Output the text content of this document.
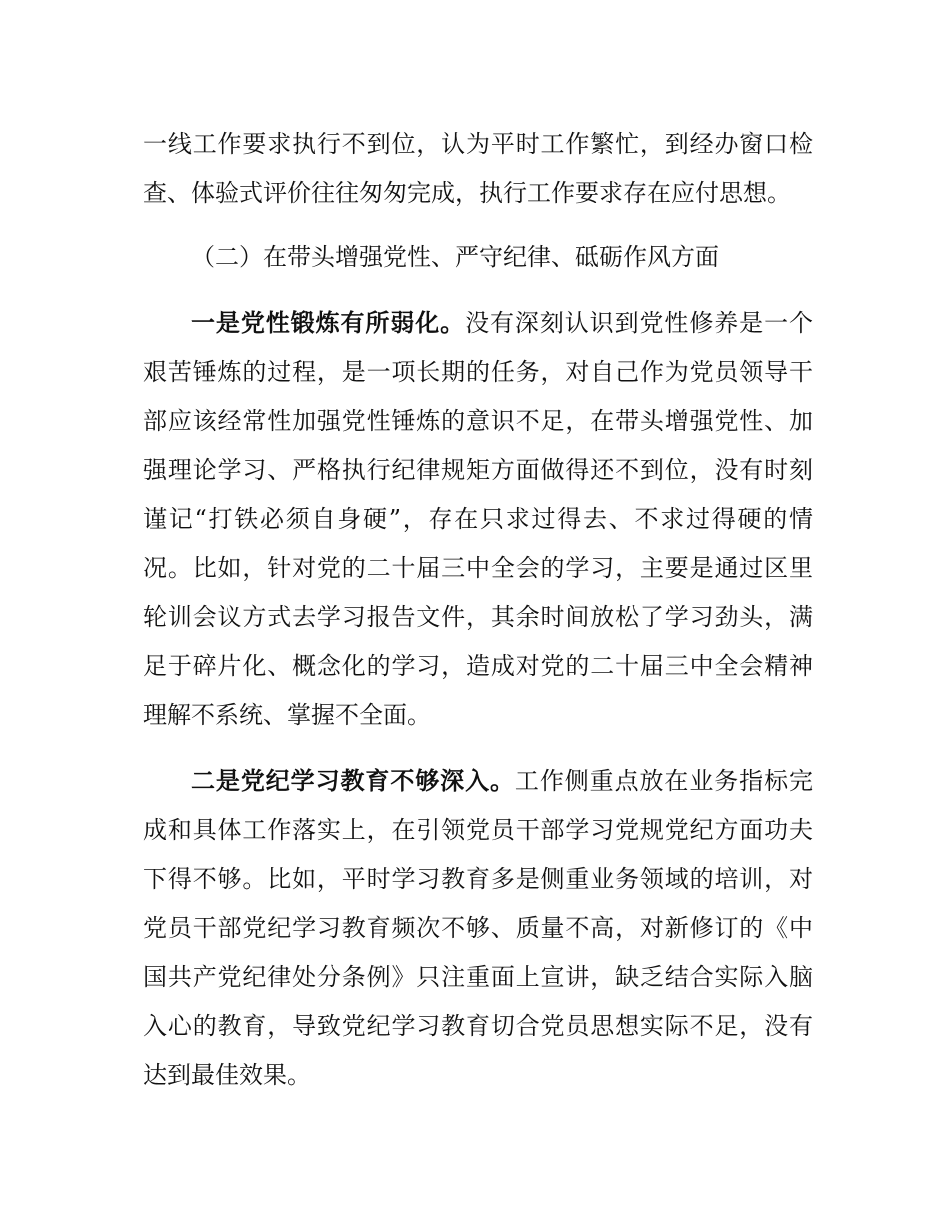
一线工作要求执行不到位，认为平时工作繁忙，到经办窗口检
查、体验式评价往往匆匆完成，执行工作要求存在应付思想。
（二）在带头增强党性、严守纪律、砥砺作风方面
一是党性锻炼有所弱化。没有深刻认识到党性修养是一个
艰苦锤炼的过程，是一项长期的任务，对自己作为党员领导干
部应该经常性加强党性锤炼的意识不足，在带头增强党性、加
强理论学习、严格执行纪律规矩方面做得还不到位，没有时刻
谨记“打铁必须自身硬”，存在只求过得去、不求过得硬的情
况。比如，针对党的二十届三中全会的学习，主要是通过区里
轮训会议方式去学习报告文件，其余时间放松了学习劲头，满
足于碎片化、概念化的学习，造成对党的二十届三中全会精神
理解不系统、掌握不全面。
二是党纪学习教育不够深入。工作侧重点放在业务指标完
成和具体工作落实上，在引领党员干部学习党规党纪方面功夫
下得不够。比如，平时学习教育多是侧重业务领域的培训，对
党员干部党纪学习教育频次不够、质量不高，对新修订的《中
国共产党纪律处分条例》只注重面上宣讲，缺乏结合实际入脑
入心的教育，导致党纪学习教育切合党员思想实际不足，没有
达到最佳效果。
